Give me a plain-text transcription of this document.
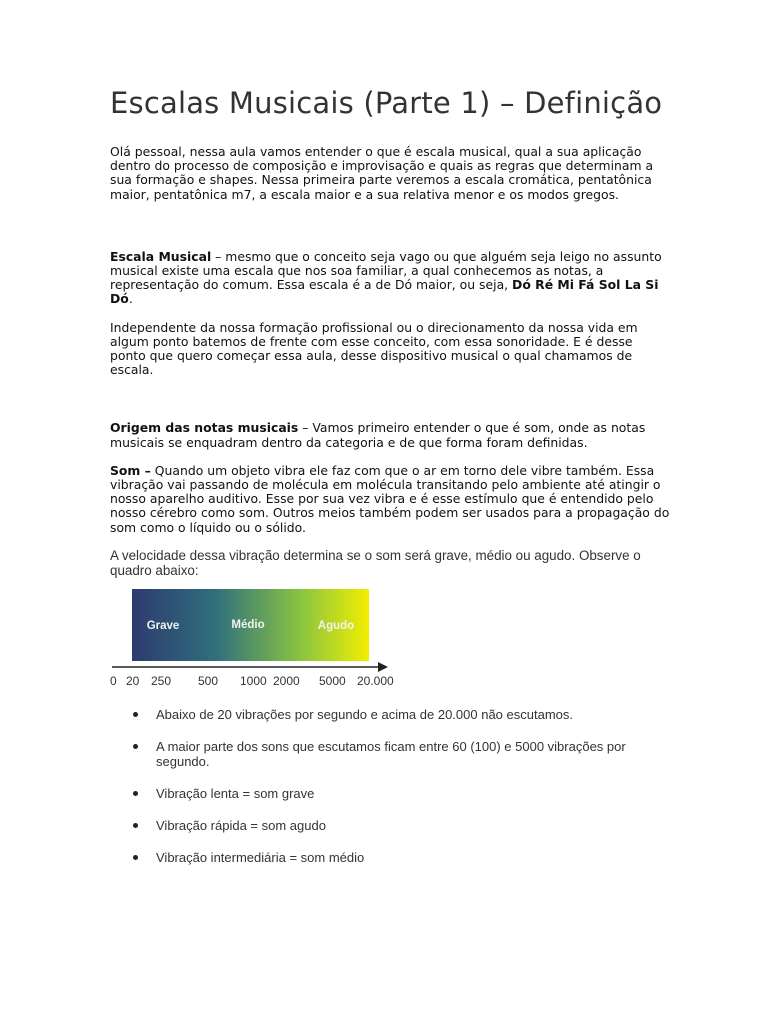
Escalas Musicais (Parte 1) – Definição

Olá pessoal, nessa aula vamos entender o que é escala musical, qual a sua aplicação dentro do processo de composição e improvisação e quais as regras que determinam a sua formação e shapes. Nessa primeira parte veremos a escala cromática, pentatônica maior, pentatônica m7, a escala maior e a sua relativa menor e os modos gregos.

Escala Musical – mesmo que o conceito seja vago ou que alguém seja leigo no assunto musical existe uma escala que nos soa familiar, a qual conhecemos as notas, a representação do comum. Essa escala é a de Dó maior, ou seja, Dó Ré Mi Fá Sol La Si Dó.

Independente da nossa formação profissional ou o direcionamento da nossa vida em algum ponto batemos de frente com esse conceito, com essa sonoridade. E é desse ponto que quero começar essa aula, desse dispositivo musical o qual chamamos de escala.

Origem das notas musicais – Vamos primeiro entender o que é som, onde as notas musicais se enquadram dentro da categoria e de que forma foram definidas.

Som – Quando um objeto vibra ele faz com que o ar em torno dele vibre também. Essa vibração vai passando de molécula em molécula transitando pelo ambiente até atingir o nosso aparelho auditivo. Esse por sua vez vibra e é esse estímulo que é entendido pelo nosso cérebro como som. Outros meios também podem ser usados para a propagação do som como o líquido ou o sólido.

A velocidade dessa vibração determina se o som será grave, médio ou agudo. Observe o quadro abaixo:

Grave	Médio	Agudo
0 20 250 500 1000 2000 5000 20.000
Abaixo de 20 vibrações por segundo e acima de 20.000 não escutamos.
A maior parte dos sons que escutamos ficam entre 60 (100) e 5000 vibrações por segundo.
Vibração lenta = som grave
Vibração rápida = som agudo
Vibração intermediária = som médio
